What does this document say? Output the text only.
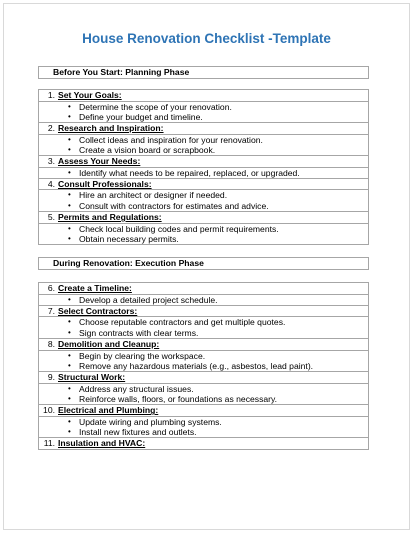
House Renovation Checklist -Template
Before You Start: Planning Phase
1. Set Your Goals:
• Determine the scope of your renovation.
• Define your budget and timeline.
2. Research and Inspiration:
• Collect ideas and inspiration for your renovation.
• Create a vision board or scrapbook.
3. Assess Your Needs:
• Identify what needs to be repaired, replaced, or upgraded.
4. Consult Professionals:
• Hire an architect or designer if needed.
• Consult with contractors for estimates and advice.
5. Permits and Regulations:
• Check local building codes and permit requirements.
• Obtain necessary permits.
During Renovation: Execution Phase
6. Create a Timeline:
• Develop a detailed project schedule.
7. Select Contractors:
• Choose reputable contractors and get multiple quotes.
• Sign contracts with clear terms.
8. Demolition and Cleanup:
• Begin by clearing the workspace.
• Remove any hazardous materials (e.g., asbestos, lead paint).
9. Structural Work:
• Address any structural issues.
• Reinforce walls, floors, or foundations as necessary.
10. Electrical and Plumbing:
• Update wiring and plumbing systems.
• Install new fixtures and outlets.
11. Insulation and HVAC:
